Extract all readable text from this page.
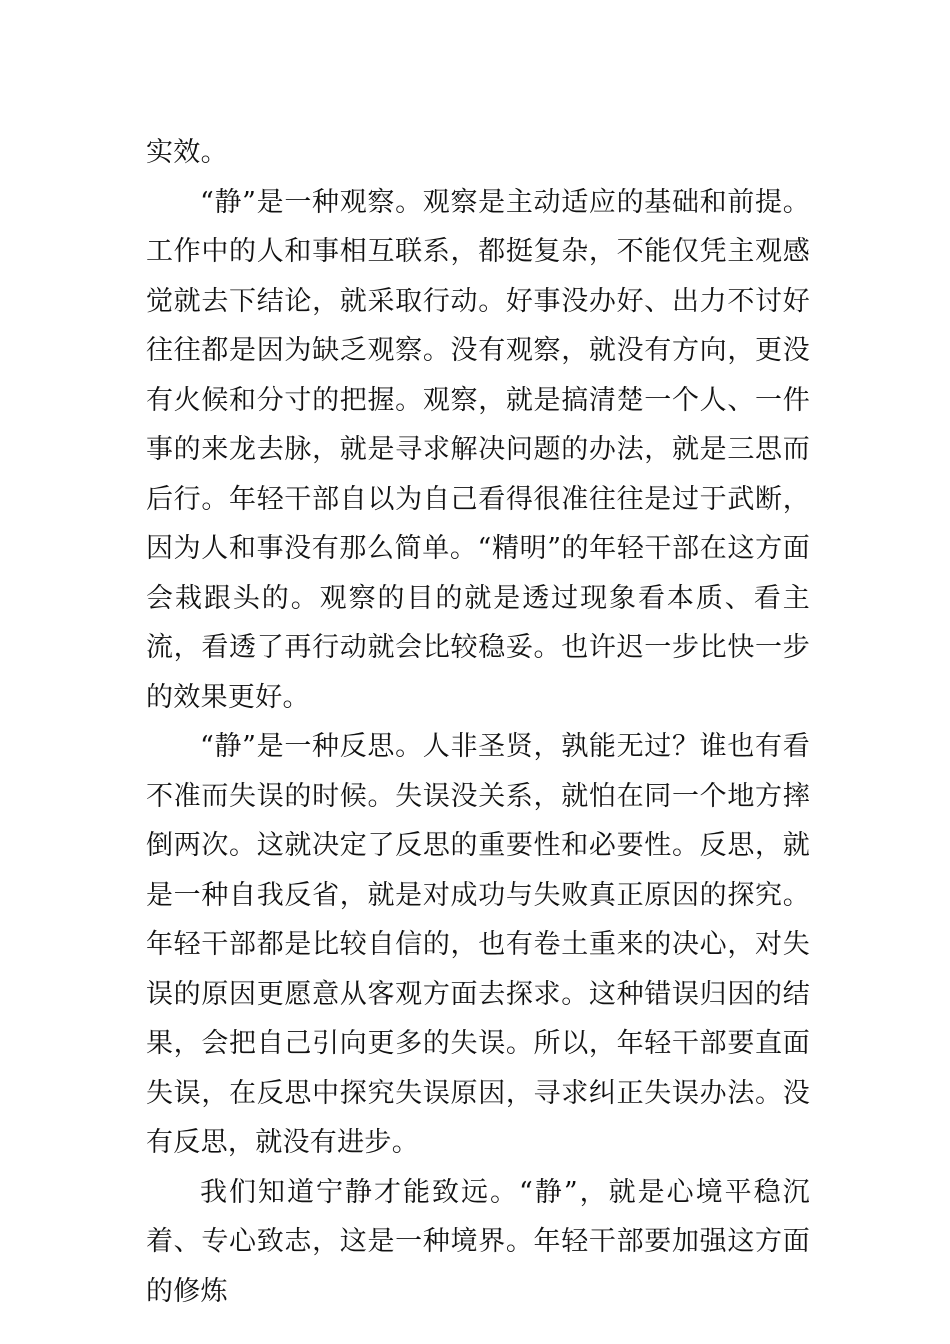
实效。

“静”是一种观察。观察是主动适应的基础和前提。工作中的人和事相互联系，都挺复杂，不能仅凭主观感觉就去下结论，就采取行动。好事没办好、出力不讨好往往都是因为缺乏观察。没有观察，就没有方向，更没有火候和分寸的把握。观察，就是搞清楚一个人、一件事的来龙去脉，就是寻求解决问题的办法，就是三思而后行。年轻干部自以为自己看得很准往往是过于武断，因为人和事没有那么简单。“精明”的年轻干部在这方面会栽跟头的。观察的目的就是透过现象看本质、看主流，看透了再行动就会比较稳妥。也许迟一步比快一步的效果更好。

“静”是一种反思。人非圣贤，孰能无过？谁也有看不准而失误的时候。失误没关系，就怕在同一个地方摔倒两次。这就决定了反思的重要性和必要性。反思，就是一种自我反省，就是对成功与失败真正原因的探究。年轻干部都是比较自信的，也有卷土重来的决心，对失误的原因更愿意从客观方面去探求。这种错误归因的结果，会把自己引向更多的失误。所以，年轻干部要直面失误，在反思中探究失误原因，寻求纠正失误办法。没有反思，就没有进步。

我们知道宁静才能致远。“静”，就是心境平稳沉着、专心致志，这是一种境界。年轻干部要加强这方面的修炼
